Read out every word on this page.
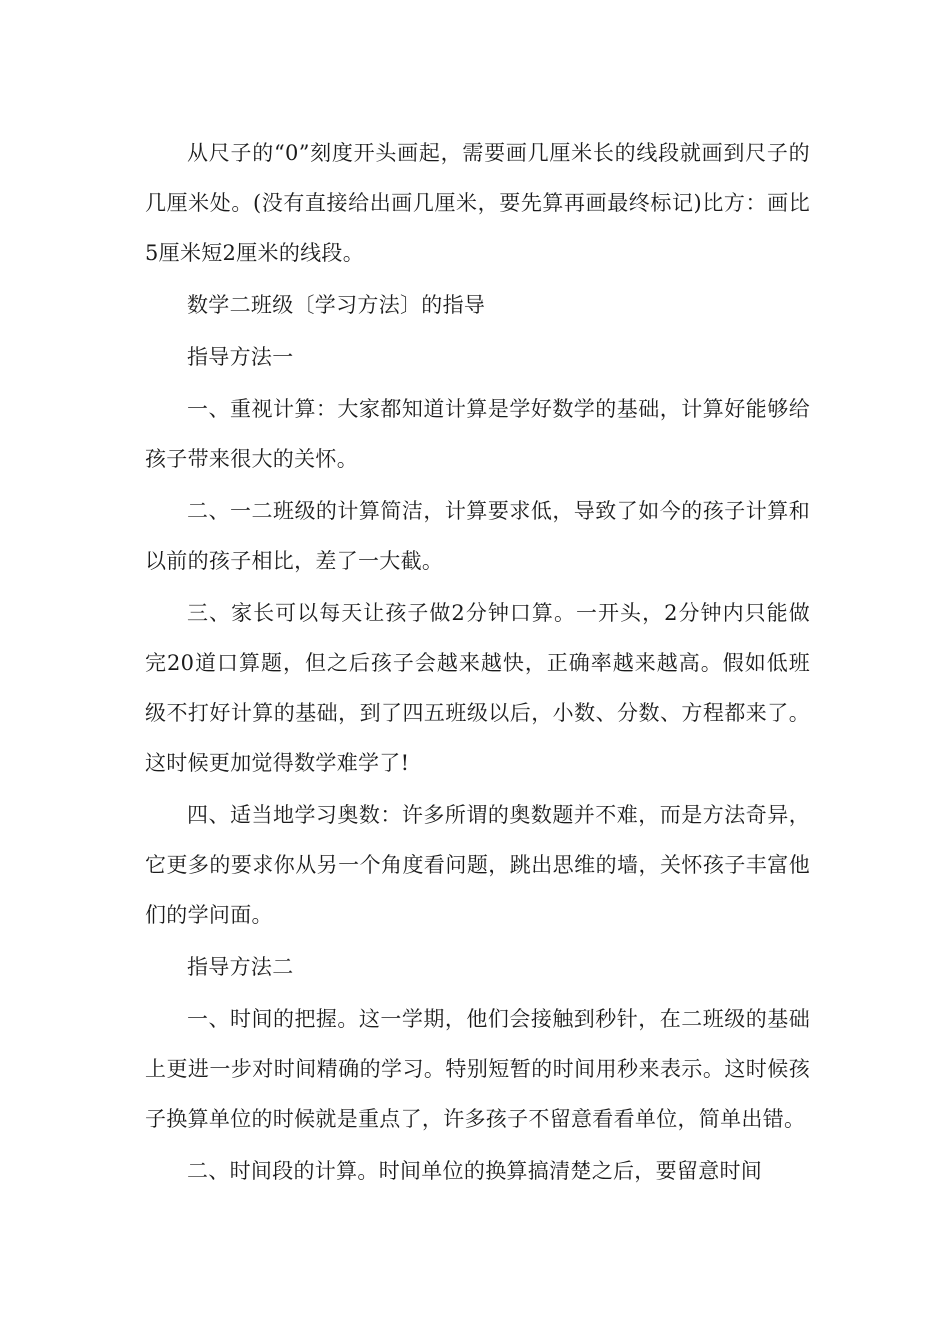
从尺子的“0”刻度开头画起，需要画几厘米长的线段就画到尺子的几厘米处。(没有直接给出画几厘米，要先算再画最终标记)比方：画比5厘米短2厘米的线段。

数学二班级〔学习方法〕的指导

指导方法一

一、重视计算：大家都知道计算是学好数学的基础，计算好能够给孩子带来很大的关怀。

二、一二班级的计算简洁，计算要求低，导致了如今的孩子计算和以前的孩子相比，差了一大截。

三、家长可以每天让孩子做2分钟口算。一开头，2分钟内只能做完20道口算题，但之后孩子会越来越快，正确率越来越高。假如低班级不打好计算的基础，到了四五班级以后，小数、分数、方程都来了。这时候更加觉得数学难学了!

四、适当地学习奥数：许多所谓的奥数题并不难，而是方法奇异，它更多的要求你从另一个角度看问题，跳出思维的墙，关怀孩子丰富他们的学问面。

指导方法二

一、时间的把握。这一学期，他们会接触到秒针，在二班级的基础上更进一步对时间精确的学习。特别短暂的时间用秒来表示。这时候孩子换算单位的时候就是重点了，许多孩子不留意看看单位，简单出错。

二、时间段的计算。时间单位的换算搞清楚之后，要留意时间
